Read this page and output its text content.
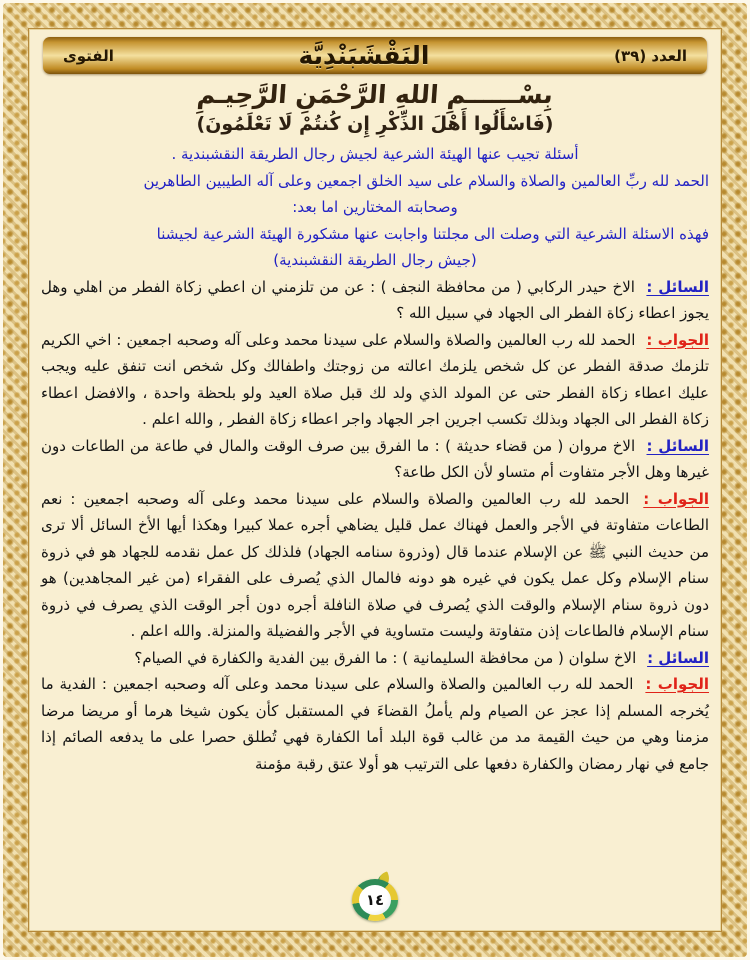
العدد (٣٩)
النَقْشَبَنْدِيَّة
الفتوى
بِسْــــــمِ اللهِ الرَّحْمَنِ الرَّحِيـمِ
(فَاسْأَلُوا أَهْلَ الذِّكْرِ إِن كُنتُمْ لَا تَعْلَمُونَ)

أسئلة تجيب عنها الهيئة الشرعية لجيش رجال الطريقة النقشبندية .

الحمد لله ربِّ العالمين والصلاة والسلام على سيد الخلق اجمعين وعلى آله الطيبين الطاهرين

وصحابته المختارين اما بعد:

فهذه الاسئلة الشرعية التي وصلت الى مجلتنا واجابت عنها مشكورة الهيئة الشرعية لجيشنا

(جيش رجال الطريقة النقشبندية)

السائل : الاخ حيدر الركابي ( من محافظة النجف ) : عن من تلزمني ان اعطي زكاة الفطر من اهلي وهل يجوز اعطاء زكاة الفطر الى الجهاد في سبيل الله ؟

الجواب : الحمد لله رب العالمين والصلاة والسلام على سيدنا محمد وعلى آله وصحبه اجمعين : اخي الكريم تلزمك صدقة الفطر عن كل شخص يلزمك اعالته من زوجتك واطفالك وكل شخص انت تنفق عليه ويجب عليك اعطاء زكاة الفطر حتى عن المولد الذي ولد لك قبل صلاة العيد ولو بلحظة واحدة ، والافضل اعطاء زكاة الفطر الى الجهاد وبذلك تكسب اجرين اجر الجهاد واجر اعطاء زكاة الفطر , والله اعلم .

السائل : الاخ مروان ( من قضاء حديثة ) : ما الفرق بين صرف الوقت والمال في طاعة من الطاعات دون غيرها وهل الأجر متفاوت أم متساو لأن الكل طاعة؟

الجواب : الحمد لله رب العالمين والصلاة والسلام على سيدنا محمد وعلى آله وصحبه اجمعين : نعم الطاعات متفاوتة في الأجر والعمل فهناك عمل قليل يضاهي أجره عملا كبيرا وهكذا أيها الأخ السائل ألا ترى من حديث النبي ﷺ عن الإسلام عندما قال (وذروة سنامه الجهاد) فلذلك كل عمل نقدمه للجهاد هو في ذروة سنام الإسلام وكل عمل يكون في غيره هو دونه فالمال الذي يُصرف على الفقراء (من غير المجاهدين) هو دون ذروة سنام الإسلام والوقت الذي يُصرف في صلاة النافلة أجره دون أجر الوقت الذي يصرف في ذروة سنام الإسلام فالطاعات إذن متفاوتة وليست متساوية في الأجر والفضيلة والمنزلة. والله اعلم .

السائل : الاخ سلوان ( من محافظة السليمانية ) : ما الفرق بين الفدية والكفارة في الصيام؟

الجواب : الحمد لله رب العالمين والصلاة والسلام على سيدنا محمد وعلى آله وصحبه اجمعين : الفدية ما يُخرجه المسلم إذا عجز عن الصيام ولم يأملُ القضاءَ في المستقبل كأن يكون شيخا هرما أو مريضا مرضا مزمنا وهي من حيث القيمة مد من غالب قوة البلد أما الكفارة فهي تُطلق حصرا على ما يدفعه الصائم إذا جامع في نهار رمضان والكفارة دفعها على الترتيب هو أولا عتق رقبة مؤمنة

١٤
